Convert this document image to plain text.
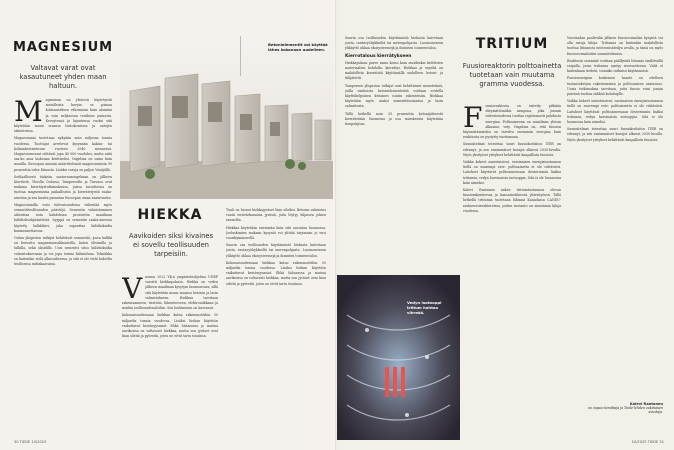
MAGNESIUM
Valtavat varat ovat kasautuneet yhden maan haltuun.

Magnesium on yleisesti käytetyistä metalleista kevyin: se painaa kolmanneksen vähemmän kuin alumiini ja vain neljäsosan teräksen painosta. Keveytensä ja lujuutensa vuoksi sitä käytetään muun muassa lentokoneissa ja autojen rakenteissa.

Magnesiumia tuotetaan nykyään noin miljoona tonnia vuodessa. Tuottajat arvelevat kysynnän kaksin- tai kolminkertaistuvan vuoteen 2040 mennessä. Magnesiumvarat riittävät jopa 40 000 vuodeksi, mutta niitä saa-ko aina laskeaan kriittiseksi. Ongelma on sama kuin monilla. Euroopan unionin määrittelemät magnesiumista 90 prosenttia tulee Kiinasta. Lisäksi varoja on paljon Venäjällä.

Sotilaallisesti tärkeän saatavuusongelman on jälkeen Kiertäviä. Yhoslla Oulussa, Tampereella ja Turussa ovat mukana kierrätystutkimuksissa, joissa tavoitteena on tuottaa magnesiumia paikallisista ja kierrätetyistä raaka-aineista ja sen kautta parantaa Euroopan omaa saatavuutta.

Magnesiumilla voisi tulevaisuudessa vähentää myös sementtiteollisuuden päästöjä. Sementin valmistaminen aiheuttaa noin kahdeksan prosenttia maailman hiilidioksidipäästöistä. Syyppä on sementin raaka-aineena käytetty kalkkikivi, joka vapauttaa hiilidioksidia kuumennettaessa.

Oulun yliopiston tutkijat kehittävät sementtiä, jossa kalkki on korvattu magnesiumsilikaateilla, kuten oliviinilla ja talkilla, sekä oksidilla. Uusi sementti sitoo hiilidioksidia valmistuksessaan ja voi jopa toimia hiilinieluna. Tekniikka on kuitenkin vielä alkuvaiheessa, ja sitä ei ole vielä kokeiltu teollisessa mittakaavassa.

Betonielementit voi käyttää lähes kokonaan uudelleen.
HIEKKA
Aavikoiden siksi kivaines ei sovellu teollisuuden tarpeisiin.

Vuonna 2022 YK:n ympäristöohjelma UNEP varoitti hiekkapulasta. Hiekka on veden jälkeen maailman kysytyin luonnonvara, sillä sitä käytetään muun muassa betonin ja lasin valmistukseen. Hiekkaa tarvitaan rakentamiseen, tiestöön, liikenteeseen, elektroniikkaan ja muihin teollisuudenaloihin. Sen louhiminen on kasvanut.

Kokonaisuudessaan hiekkaa kuluu rakennustöihin 50 miljardia tonnia vuodessa. Lisäksi hiekan käyttöön vaikuttavat kestävyysasiat. Ehkä Saharassa ja muissa aavikoissa on valtavasti hiekkaa, mutta sen jyväset ovat liian sileitä ja pyöreitä, joten ne eivät tartu toisiinsa.

Tuuli on hionut hiekkajyväset liian sileiksi. Betonin valmistus vaatii terävärkanaisia jyväsiä, joita löytyy hiljaisen jokien rannoilta.

Hiekkaa käytetään enemmän kuin sitä uusiutuu luonnossa. Joelaskimien mukaan kysyntä voi ylittää tarjonnan jo ensi vuosikymmenellä.

Suurin osa teollisuuden käyttämästä hiekasta kaivetaan joista, rantavyöhykkeiltä tai merenpohjasta. Luonnonvaran ylikäyttö uhkaa ekosysteemejä ja ihmisten toimeentuloa.

Kokonaisuudessaan hiekkaa kuluu rakennustöihin 50 miljardia tonnia vuodessa. Lisäksi hiekan käyttöön vaikuttavat kestävyysasiat. Ehkä Saharassa ja muissa aavikoissa on valtavasti hiekkaa, mutta sen jyväset ovat liian sileitä ja pyöreitä, joten ne eivät tartu toisiinsa.

30 TIEDE 10/2025

Suurin osa teollisuuden käyttämästä hiekasta kaivetaan joista, rantavyöhykkeiltä tai merenpohjasta. Luonnonvaran ylikäyttö uhkaa ekosysteemejä ja ihmisten toimeentuloa.

Kierrotalous kierrätykseen

Hiekkapulaan puree sama keino kuin muidenkin kriittisten materiaalien kohdalla: kierrätys. Hiekkaa ja sepeliä on mahdollista kierrättää käyttämällä uudelleen betoni- ja tiilijätettä.

Tampereen yliopiston tutkijat ovat kehittäneet menetelmiä, joilla vanhoista betonielementeistä voidaan erotella käyttökelpoinen kiviaines uusiin rakenteisiin. Hiekkaa käytetään myös osaksi sementtituotantoa ja lasin valmistusta.

Tällä hetkellä noin 35 prosenttia betonijätteestä kierrätetään Suomessa ja osa murskeesta käytetään tienpohjissa.

Vedyn isotooppi tritium hohtaa vihreää.
TRITIUM
Fuusioreaktorin polttoainetta tuotetaan vain muutama gramma vuodessa.

Fuusioreaktoria on esitetty pitkään ehtymättömäksi sampona, joka jossain tulevaisuudessa tuottaa rajattomasti puhdasta energiaa. Polttoaineena on maailman yleisin alkuaine, vety. Ongelma on, että fuusion käynnistämiseksi on tarvittu enemmän energiaa kuin reaktiosta on pystytty tuottamaan.

Suunnitelmat toteuttaa suuri fuusiokoelaitos ITER on edennyt, ja sen ensimmäiset koeajot alkavat 2030-luvulla. Myös yksityiset yritykset kehittävät kaupallista fuusiota.

Vaikka kokeet onnistuisivat, varsinaisen energiatuotannon tiellä on suurempi este: polttoainetta ei ole riittävästi. Laitokset käyttävät polttoaineenaan deuteriumin lisäksi tritiumia, vedyn harvinaista isotooppia. Sitä ei ole luonnossa kuin nimeksi.

Kalevi Rantanen näkee tritiumtuotannon olevan fuusiorakenteessa ja kansainvälisessä yhteistyössä. Tällä hetkellä tritiumia tuotetaan lähinnä Kanadassa CANDU-raskasvesireaktoreissa, joiden tuotanto on muutamia kiloja vuodessa.

Vuosisadan puolivälin jälkeen fuusiovoimalan kysyntä voi olla satoja kiloja. Tritiumia on kuitenkin mahdollista tuottaa litiumista neutronisäteilyn avulla, ja tämä on myös fuusiovoimaloiden suunnitelmissa.

Reaktorin seinämät voidaan päällystää litiumia sisältävällä vaipalla, jossa tritiumia syntyy sivutuotteena. Vielä ei kuitenkaan tiedetä, toimiiko ratkaisu käytännössä.

Fuusioenergian keskeinen haaste on edelleen tuotantoketjun rakentaminen ja polttoaineen saatavuus. Uusia tutkimuksia tarvitaan, jotta fuusio voisi jonain päivänä tuottaa sähköä kuluttajille.

Vaikka kokeet onnistuisivat, varsinaisen energiatuotannon tiellä on suurempi este: polttoainetta ei ole riittävästi. Laitokset käyttävät polttoaineenaan deuteriumin lisäksi tritiumia, vedyn harvinaista isotooppia. Sitä ei ole luonnossa kuin nimeksi.

Suunnitelmat toteuttaa suuri fuusiokoelaitos ITER on edennyt, ja sen ensimmäiset koeajot alkavat 2030-luvulla. Myös yksityiset yritykset kehittävät kaupallista fuusiota.

Kalevi Rantanen
on vapaa toimittaja ja Tiede-lehden vakituinen avustaja.
10/2025 TIEDE 31
